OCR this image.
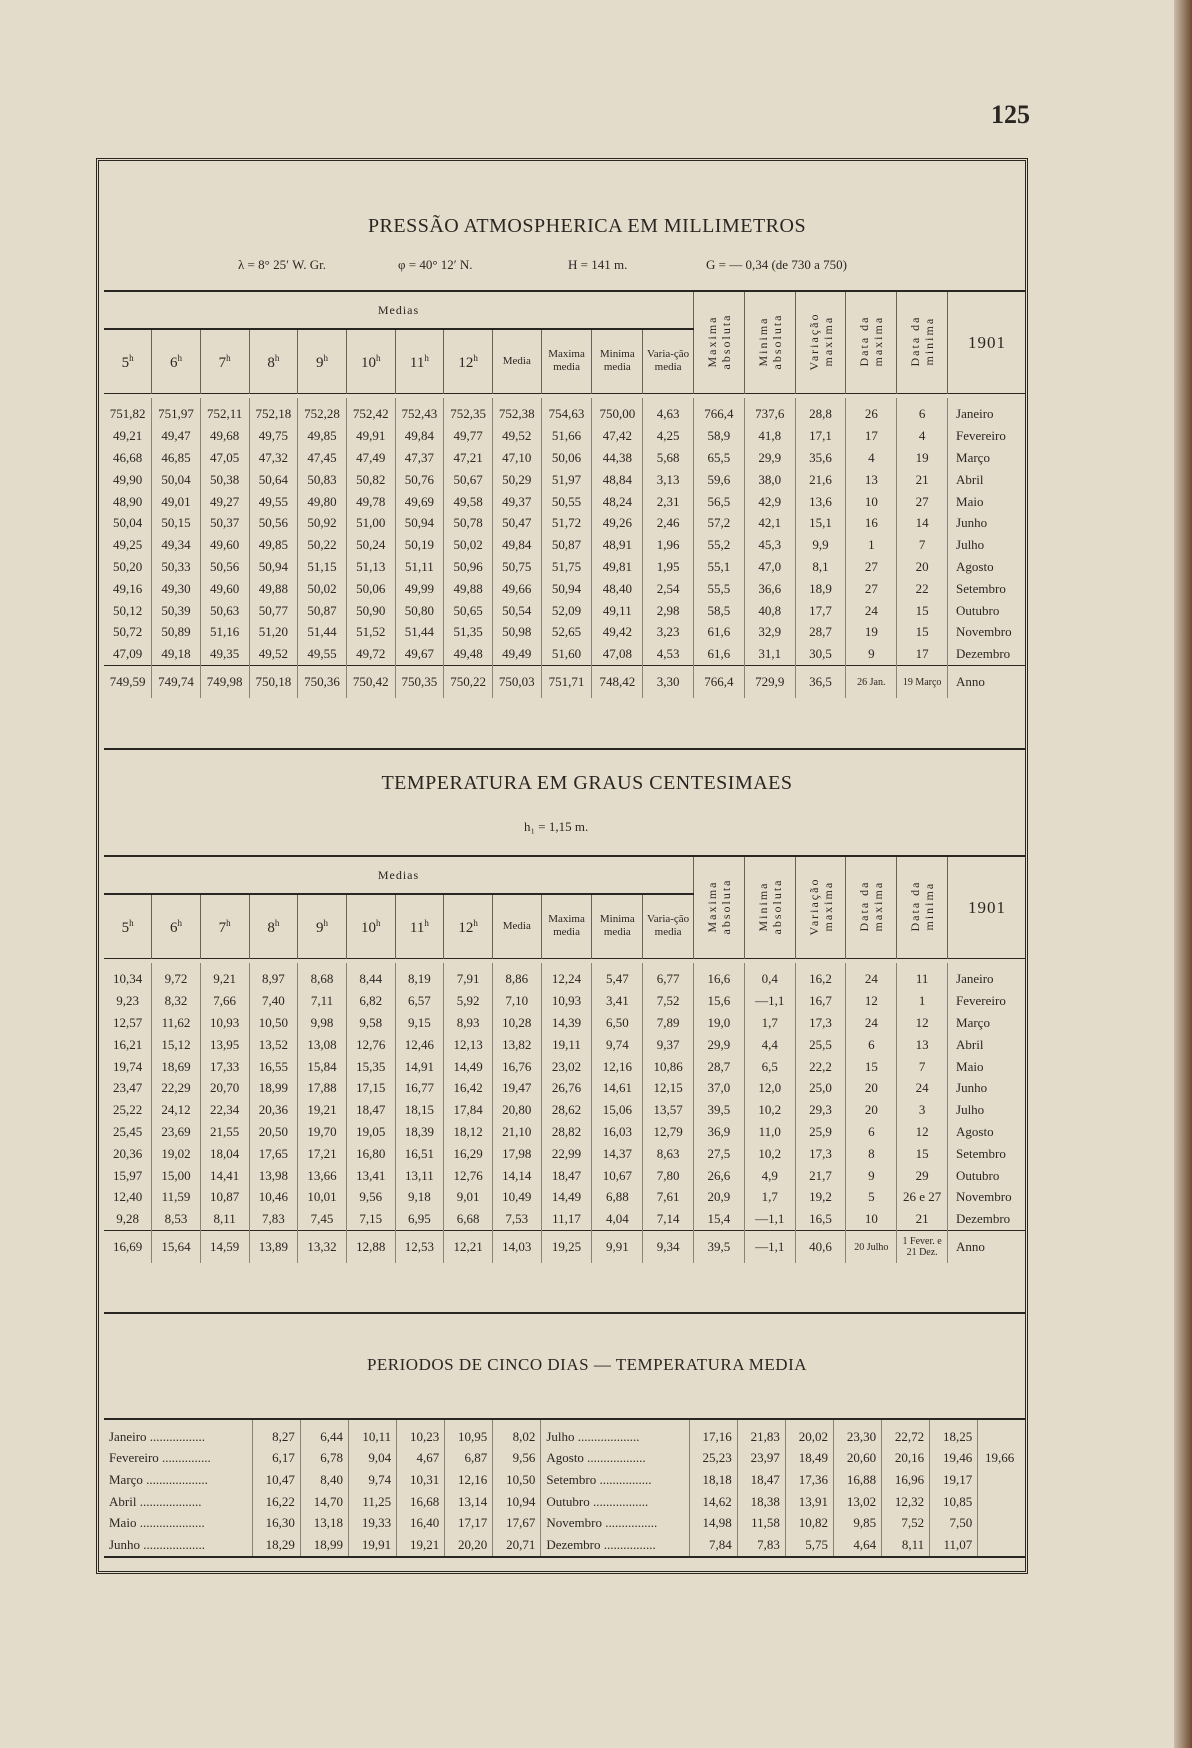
125
PRESSÃO ATMOSPHERICA EM MILLIMETROS
λ = 8° 25′ W. Gr.	φ = 40° 12′ N.	H = 141 m.	G = — 0,34 (de 730 a 750)
Medias												Maxima absoluta	Minima absoluta	Variação maxima	Data da maxima	Data da minima	1901
5$^h$	6$^h$	7$^h$	8$^h$	9$^h$	10$^h$	11$^h$	12$^h$	Media	Maxima media	Minima media	Varia-ção media						

751,82	751,97	752,11	752,18	752,28	752,42	752,43	752,35	752,38	754,63	750,00	4,63	766,4	737,6	28,8	26	6	Janeiro
49,21	49,47	49,68	49,75	49,85	49,91	49,84	49,77	49,52	51,66	47,42	4,25	58,9	41,8	17,1	17	4	Fevereiro
46,68	46,85	47,05	47,32	47,45	47,49	47,37	47,21	47,10	50,06	44,38	5,68	65,5	29,9	35,6	4	19	Março
49,90	50,04	50,38	50,64	50,83	50,82	50,76	50,67	50,29	51,97	48,84	3,13	59,6	38,0	21,6	13	21	Abril
48,90	49,01	49,27	49,55	49,80	49,78	49,69	49,58	49,37	50,55	48,24	2,31	56,5	42,9	13,6	10	27	Maio
50,04	50,15	50,37	50,56	50,92	51,00	50,94	50,78	50,47	51,72	49,26	2,46	57,2	42,1	15,1	16	14	Junho
49,25	49,34	49,60	49,85	50,22	50,24	50,19	50,02	49,84	50,87	48,91	1,96	55,2	45,3	9,9	1	7	Julho
50,20	50,33	50,56	50,94	51,15	51,13	51,11	50,96	50,75	51,75	49,81	1,95	55,1	47,0	8,1	27	20	Agosto
49,16	49,30	49,60	49,88	50,02	50,06	49,99	49,88	49,66	50,94	48,40	2,54	55,5	36,6	18,9	27	22	Setembro
50,12	50,39	50,63	50,77	50,87	50,90	50,80	50,65	50,54	52,09	49,11	2,98	58,5	40,8	17,7	24	15	Outubro
50,72	50,89	51,16	51,20	51,44	51,52	51,44	51,35	50,98	52,65	49,42	3,23	61,6	32,9	28,7	19	15	Novembro
47,09	49,18	49,35	49,52	49,55	49,72	49,67	49,48	49,49	51,60	47,08	4,53	61,6	31,1	30,5	9	17	Dezembro
749,59	749,74	749,98	750,18	750,36	750,42	750,35	750,22	750,03	751,71	748,42	3,30	766,4	729,9	36,5	26 Jan.	19 Março	Anno
TEMPERATURA EM GRAUS CENTESIMAES
h₁ = 1,15 m.
Medias												Maxima absoluta	Minima absoluta	Variação maxima	Data da maxima	Data da minima	1901
5$^h$	6$^h$	7$^h$	8$^h$	9$^h$	10$^h$	11$^h$	12$^h$	Media	Maxima media	Minima media	Varia-ção media						

10,34	9,72	9,21	8,97	8,68	8,44	8,19	7,91	8,86	12,24	5,47	6,77	16,6	0,4	16,2	24	11	Janeiro
9,23	8,32	7,66	7,40	7,11	6,82	6,57	5,92	7,10	10,93	3,41	7,52	15,6	—1,1	16,7	12	1	Fevereiro
12,57	11,62	10,93	10,50	9,98	9,58	9,15	8,93	10,28	14,39	6,50	7,89	19,0	1,7	17,3	24	12	Março
16,21	15,12	13,95	13,52	13,08	12,76	12,46	12,13	13,82	19,11	9,74	9,37	29,9	4,4	25,5	6	13	Abril
19,74	18,69	17,33	16,55	15,84	15,35	14,91	14,49	16,76	23,02	12,16	10,86	28,7	6,5	22,2	15	7	Maio
23,47	22,29	20,70	18,99	17,88	17,15	16,77	16,42	19,47	26,76	14,61	12,15	37,0	12,0	25,0	20	24	Junho
25,22	24,12	22,34	20,36	19,21	18,47	18,15	17,84	20,80	28,62	15,06	13,57	39,5	10,2	29,3	20	3	Julho
25,45	23,69	21,55	20,50	19,70	19,05	18,39	18,12	21,10	28,82	16,03	12,79	36,9	11,0	25,9	6	12	Agosto
20,36	19,02	18,04	17,65	17,21	16,80	16,51	16,29	17,98	22,99	14,37	8,63	27,5	10,2	17,3	8	15	Setembro
15,97	15,00	14,41	13,98	13,66	13,41	13,11	12,76	14,14	18,47	10,67	7,80	26,6	4,9	21,7	9	29	Outubro
12,40	11,59	10,87	10,46	10,01	9,56	9,18	9,01	10,49	14,49	6,88	7,61	20,9	1,7	19,2	5	26 e 27	Novembro
9,28	8,53	8,11	7,83	7,45	7,15	6,95	6,68	7,53	11,17	4,04	7,14	15,4	—1,1	16,5	10	21	Dezembro
16,69	15,64	14,59	13,89	13,32	12,88	12,53	12,21	14,03	19,25	9,91	9,34	39,5	—1,1	40,6	20 Julho	1 Fever. e 21 Dez.	Anno
PERIODOS DE CINCO DIAS — TEMPERATURA MEDIA
Janeiro .................	8,27	6,44	10,11	10,23	10,95	8,02	Julho ...................	17,16	21,83	20,02	23,30	22,72	18,25	
Fevereiro ...............	6,17	6,78	9,04	4,67	6,87	9,56	Agosto ..................	25,23	23,97	18,49	20,60	20,16	19,46	19,66
Março ...................	10,47	8,40	9,74	10,31	12,16	10,50	Setembro ................	18,18	18,47	17,36	16,88	16,96	19,17	
Abril ...................	16,22	14,70	11,25	16,68	13,14	10,94	Outubro .................	14,62	18,38	13,91	13,02	12,32	10,85	
Maio ....................	16,30	13,18	19,33	16,40	17,17	17,67	Novembro ................	14,98	11,58	10,82	9,85	7,52	7,50	
Junho ...................	18,29	18,99	19,91	19,21	20,20	20,71	Dezembro ................	7,84	7,83	5,75	4,64	8,11	11,07	
